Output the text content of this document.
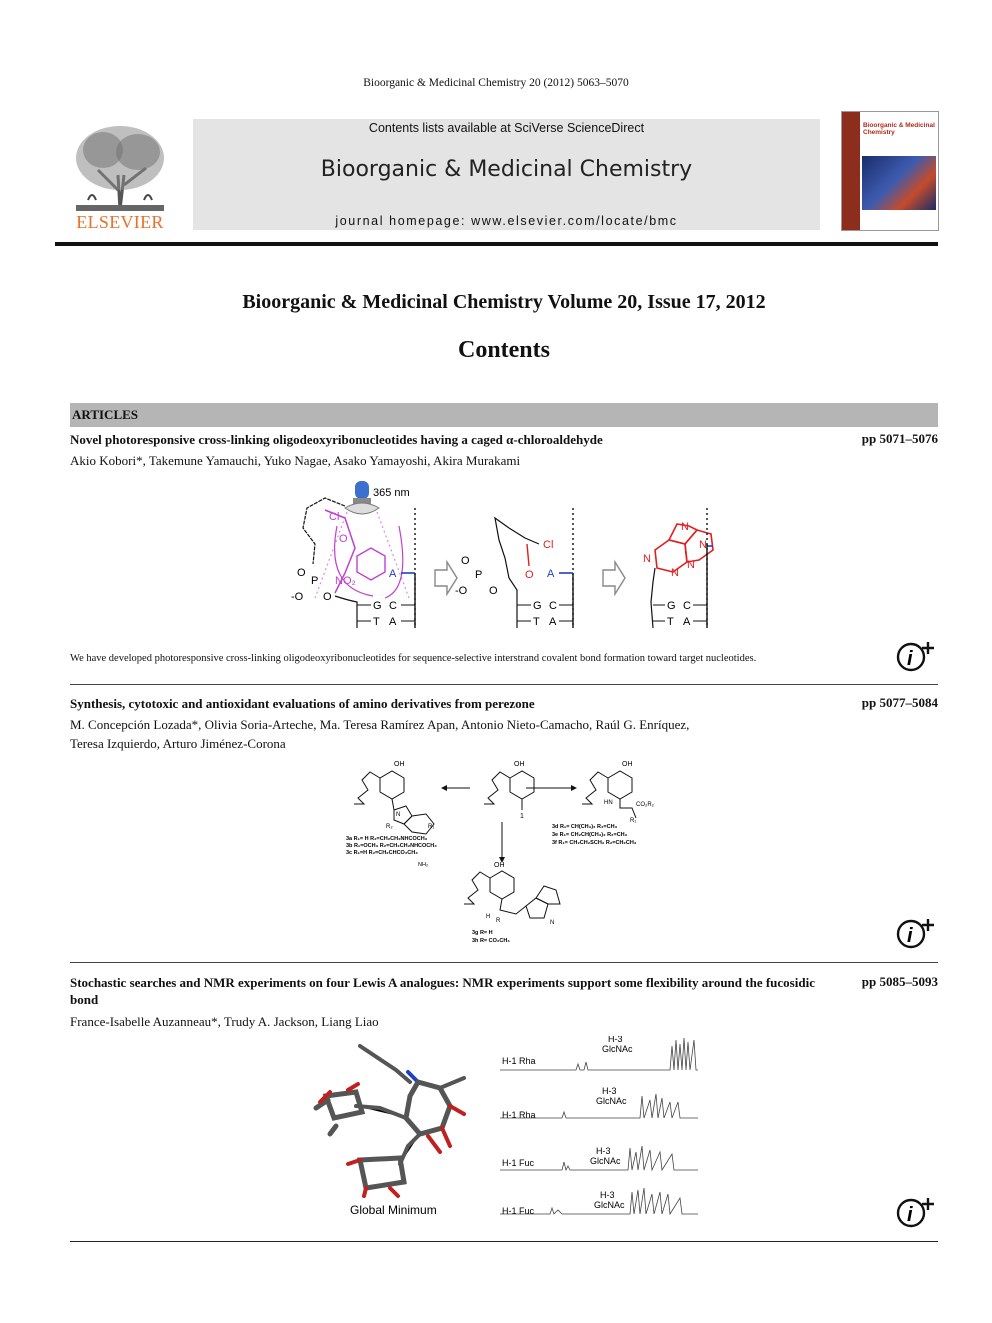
Bioorganic & Medicinal Chemistry 20 (2012) 5063–5070
ELSEVIER
Contents lists available at SciVerse ScienceDirect
Bioorganic & Medicinal Chemistry
journal homepage: www.elsevier.com/locate/bmc
Bioorganic & Medicinal Chemistry
Bioorganic & Medicinal Chemistry Volume 20, Issue 17, 2012
Contents
ARTICLES
Novel photoresponsive cross-linking oligodeoxyribonucleotides having a caged α-chloroaldehyde	pp 5071–5076
Akio Kobori*, Takemune Yamauchi, Yuko Nagae, Asako Yamayoshi, Akira Murakami
365 nm
Cl
O
NO₂
O
P
-O O
A
G C
T A
Cl
O
O
P
-O O
A
G C
T A
N
N
N
N
N
G C
T A
We have developed photoresponsive cross-linking oligodeoxyribonucleotides for sequence-selective interstrand covalent bond formation toward target nucleotides.	i
Synthesis, cytotoxic and antioxidant evaluations of amino derivatives from perezone	pp 5077–5084
M. Concepción Lozada*, Olivia Soria-Arteche, Ma. Teresa Ramírez Apan, Antonio Nieto-Camacho, Raúl G. Enríquez,
Teresa Izquierdo, Arturo Jiménez-Corona
OH	OH	OH
OH
1
N
R₂	R₁
HN	CO₂R₂
R₁
H
R	N
3a R₁= H R₂=CH₂CH₂NHCOCH₃
3b R₁=OCH₃ R₂=CH₂CH₂NHCOCH₃
3c R₁=H R₂=CH₂CHCO₂CH₃
NH₂
3d R₁= CH(CH₃)₂ R₂=CH₃
3e R₁= CH₂CH(CH₃)₂ R₂=CH₃
3f R₁= CH₂CH₂SCH₃ R₂=CH₂CH₃
3g R= H
3h R= CO₂CH₃	i
Stochastic searches and NMR experiments on four Lewis A analogues: NMR experiments support some flexibility around the fucosidic bond
pp 5085–5093
France-Isabelle Auzanneau*, Trudy A. Jackson, Liang Liao
Global Minimum
H-1 Rha
H-3
GlcNAc
H-1 Rha
H-3
GlcNAc
H-1 Fuc
H-3
GlcNAc
H-1 Fuc
H-3
GlcNAc	i
